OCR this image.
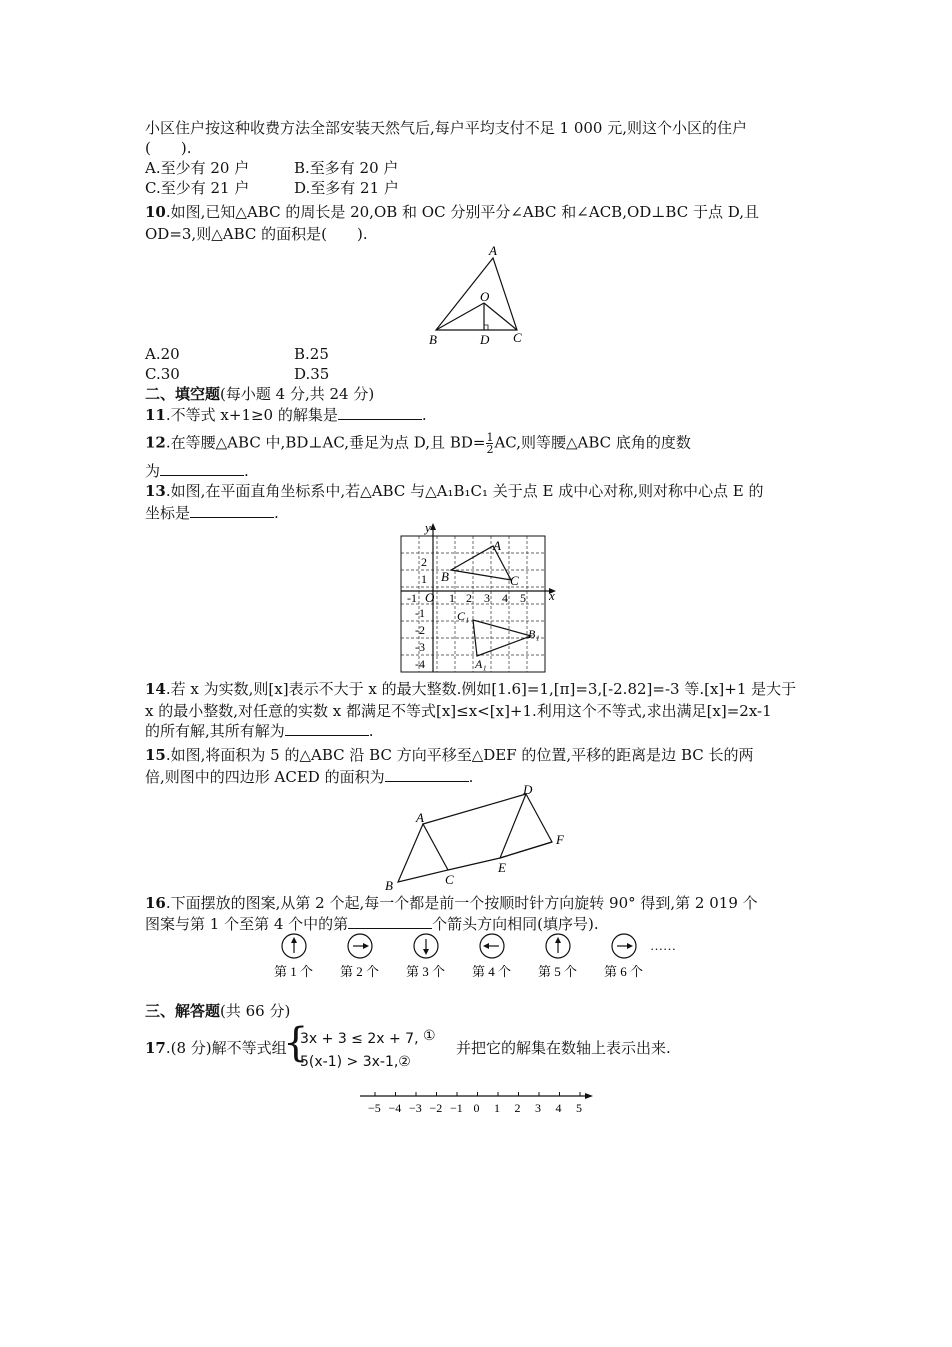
小区住户按这种收费方法全部安装天然气后,每户平均支付不足 1 000 元,则这个小区的住户
(　　).
A.至少有 20 户	B.至多有 20 户
C.至少有 21 户	D.至多有 21 户
10.如图,已知△ABC 的周长是 20,OB 和 OC 分别平分∠ABC 和∠ACB,OD⊥BC 于点 D,且
OD=3,则△ABC 的面积是(　　).
A
O
B	D C
A.20	B.25
C.30	D.35
二、填空题(每小题 4 分,共 24 分)
11.不等式 x+1≥0 的解集是	.
12.在等腰△ABC 中,BD⊥AC,垂足为点 D,且 $BD= \frac{1}{2}$ AC,则等腰△ABC 底角的度数
为	.
13.如图,在平面直角坐标系中,若△ABC 与△A₁B₁C₁ 关于点 E 成中心对称,则对称中心点 E 的
坐标是	.
-1	1 2 3 4 5
2
1
-1
-2
-3
-4
y
x
O
A
B	C
C₁
B₁
A₁
14.若 x 为实数,则[x]表示不大于 x 的最大整数.例如[1.6]=1,[π]=3,[-2.82]=-3 等.[x]+1 是大于
x 的最小整数,对任意的实数 x 都满足不等式[x]≤x<[x]+1.利用这个不等式,求出满足[x]=2x-1
的所有解,其所有解为	.
15.如图,将面积为 5 的△ABC 沿 BC 方向平移至△DEF 的位置,平移的距离是边 BC 长的两
倍,则图中的四边形 ACED 的面积为	.
A
B	C
D
E
F
16.下面摆放的图案,从第 2 个起,每一个都是前一个按顺时针方向旋转 90° 得到,第 2 019 个
图案与第 1 个至第 4 个中的第	个箭头方向相同(填序号).
……
第 1 个 第 2 个 第 3 个 第 4 个 第 5 个 第 6 个
三、解答题(共 66 分)
17.(8 分)解不等式组
{
3x + 3 ≤ 2x + 7, ①
5(x-1) > 3x-1,②
并把它的解集在数轴上表示出来.
−5 −4 −3 −2 −1 0 1 2 3 4 5
